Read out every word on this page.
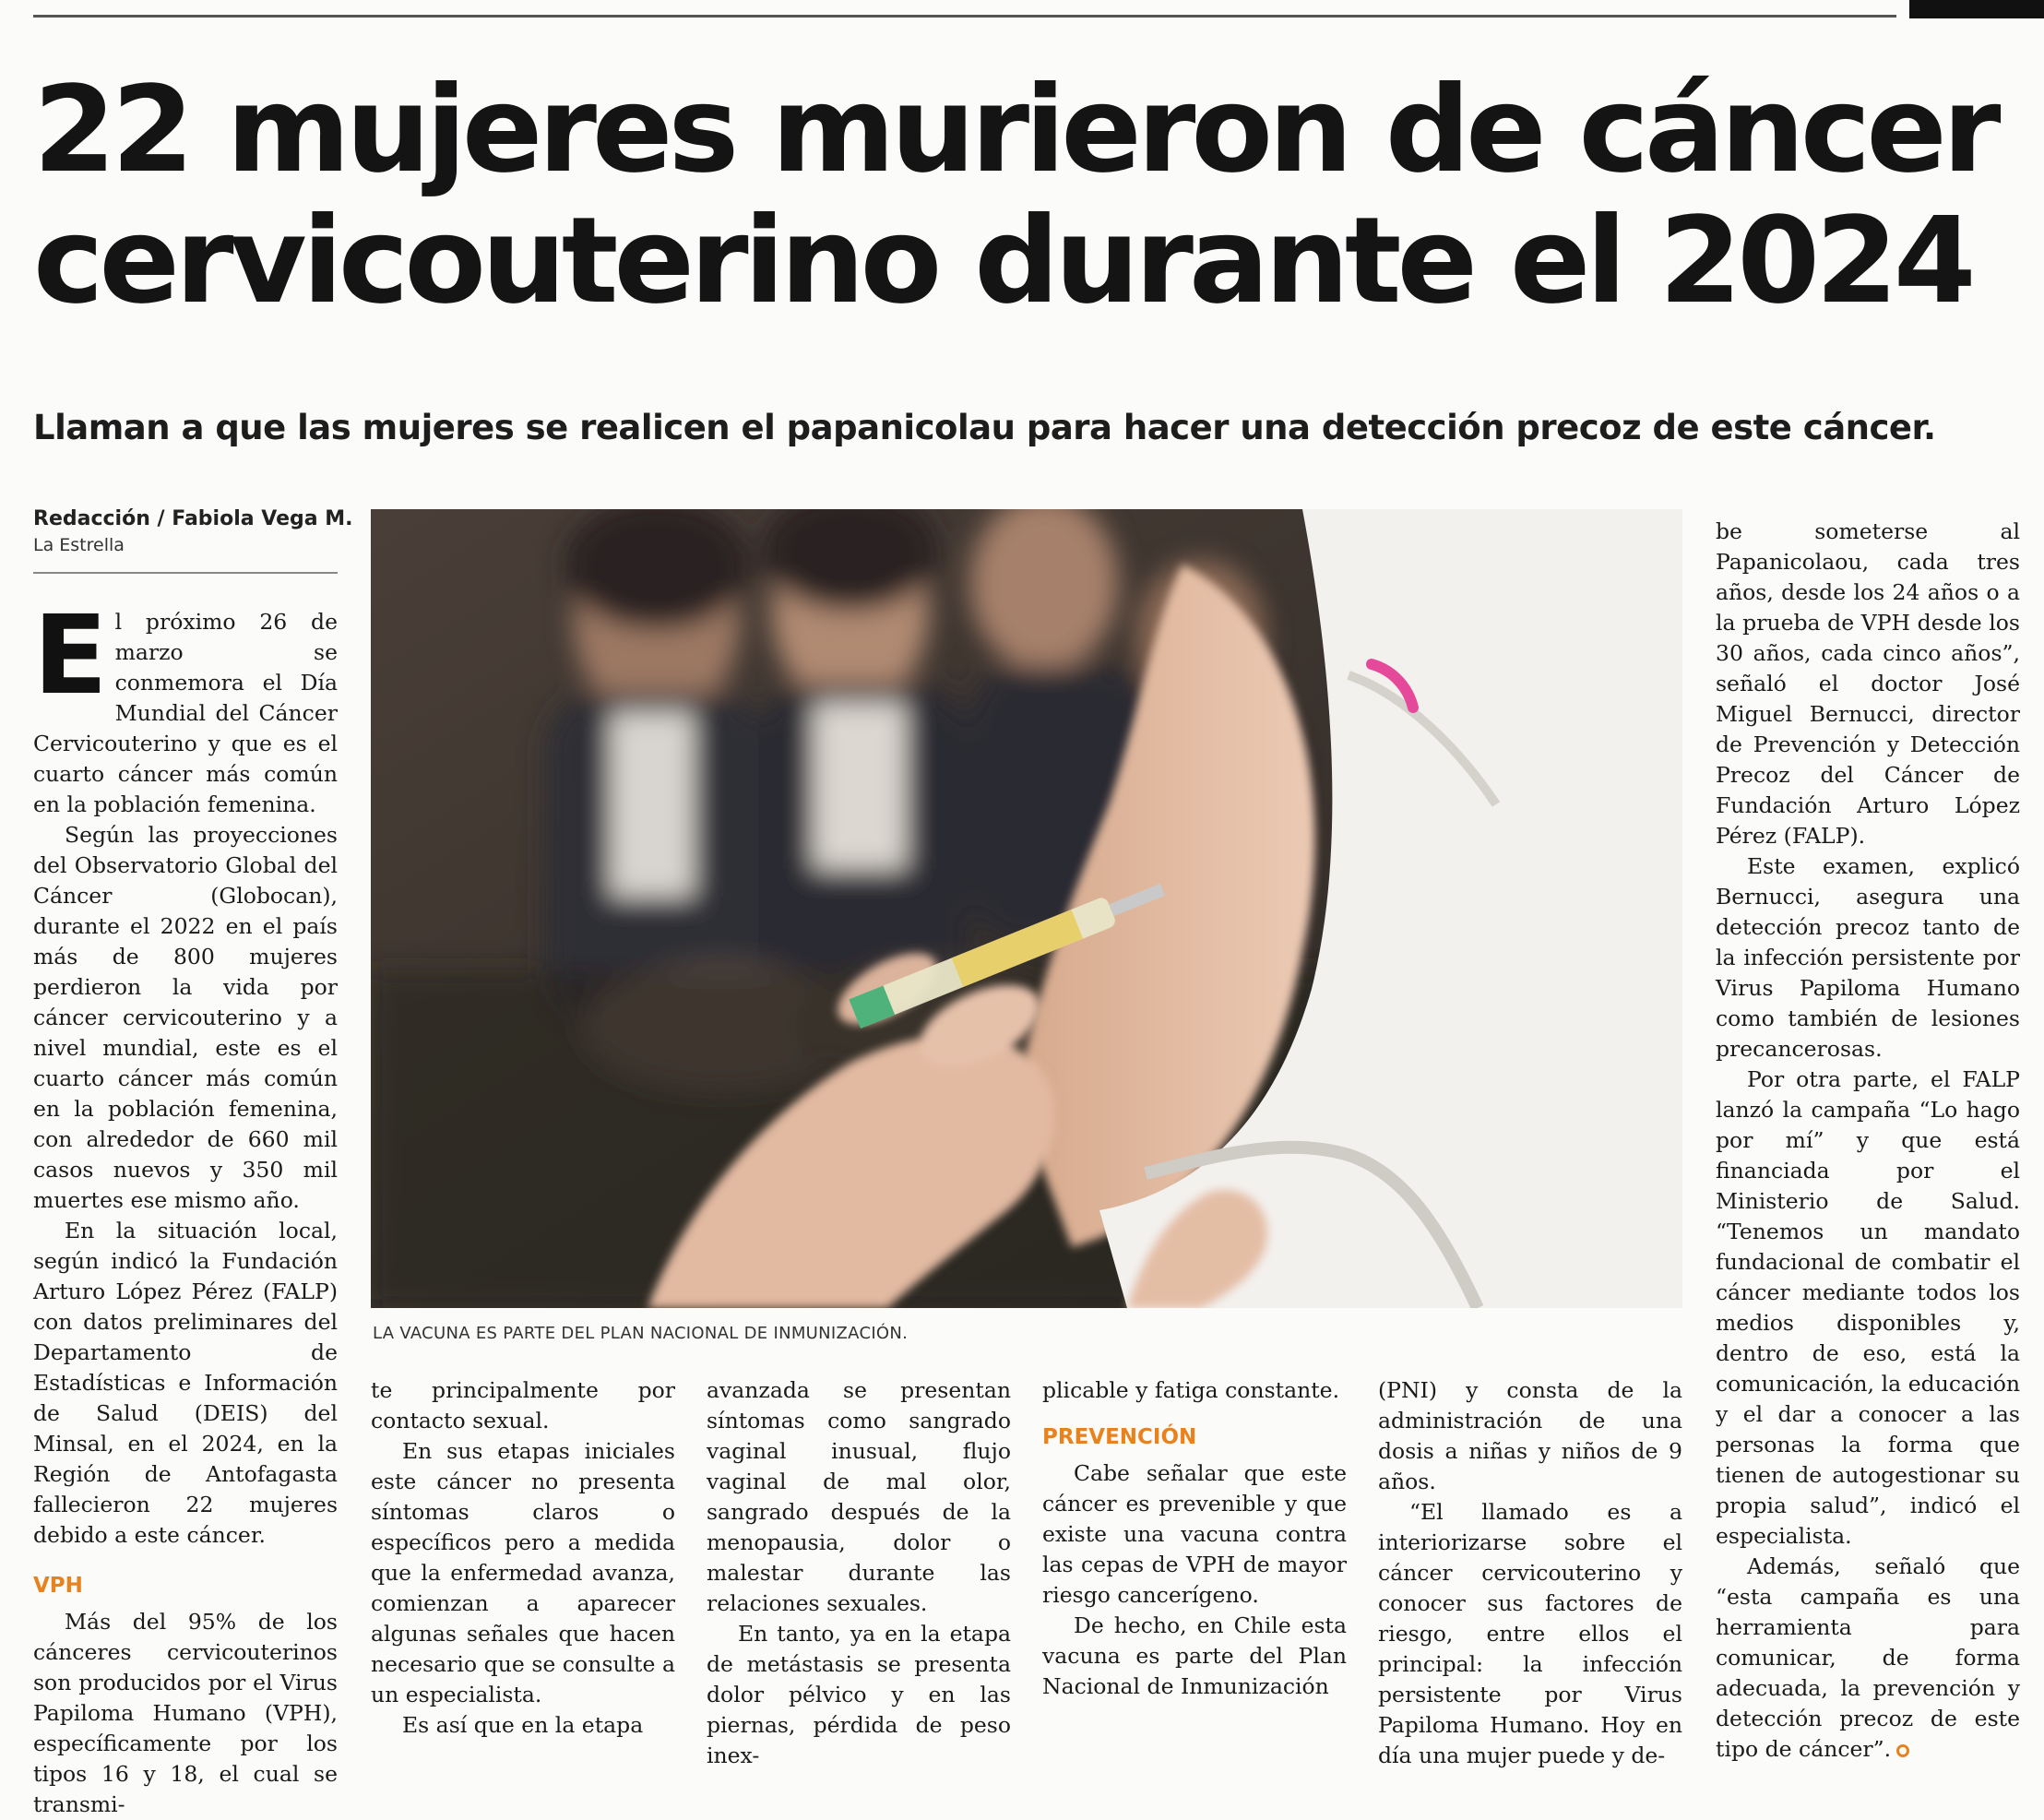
22 mujeres murieron de cáncer cervicouterino durante el 2024
Llaman a que las mujeres se realicen el papanicolau para hacer una detección precoz de este cáncer.
Redacción / Fabiola Vega M.
La Estrella

El próximo 26 de marzo se conmemora el Día Mundial del Cáncer Cervicouterino y que es el cuarto cáncer más común en la población femenina.

Según las proyecciones del Observatorio Global del Cáncer (Globocan), durante el 2022 en el país más de 800 mujeres perdieron la vida por cáncer cervicouterino y a nivel mundial, este es el cuarto cáncer más común en la población femenina, con alrededor de 660 mil casos nuevos y 350 mil muertes ese mismo año.

En la situación local, según indicó la Fundación Arturo López Pérez (FALP) con datos preliminares del Departamento de Estadísticas e Información de Salud (DEIS) del Minsal, en el 2024, en la Región de Antofagasta fallecieron 22 mujeres debido a este cáncer.

VPH

Más del 95% de los cánceres cervicouterinos son producidos por el Virus Papiloma Humano (VPH), específicamente por los tipos 16 y 18, el cual se transmi-

LA VACUNA ES PARTE DEL PLAN NACIONAL DE INMUNIZACIÓN.

te principalmente por contacto sexual.

En sus etapas iniciales este cáncer no presenta síntomas claros o específicos pero a medida que la enfermedad avanza, comienzan a aparecer algunas señales que hacen necesario que se consulte a un especialista.

Es así que en la etapa

avanzada se presentan síntomas como sangrado vaginal inusual, flujo vaginal de mal olor, sangrado después de la menopausia, dolor o malestar durante las relaciones sexuales.

En tanto, ya en la etapa de metástasis se presenta dolor pélvico y en las piernas, pérdida de peso inex-

plicable y fatiga constante.

PREVENCIÓN

Cabe señalar que este cáncer es prevenible y que existe una vacuna contra las cepas de VPH de mayor riesgo cancerígeno.

De hecho, en Chile esta vacuna es parte del Plan Nacional de Inmunización

(PNI) y consta de la administración de una dosis a niñas y niños de 9 años.

“El llamado es a interiorizarse sobre el cáncer cervicouterino y conocer sus factores de riesgo, entre ellos el principal: la infección persistente por Virus Papiloma Humano. Hoy en día una mujer puede y de-

be someterse al Papanicolaou, cada tres años, desde los 24 años o a la prueba de VPH desde los 30 años, cada cinco años”, señaló el doctor José Miguel Bernucci, director de Prevención y Detección Precoz del Cáncer de Fundación Arturo López Pérez (FALP).

Este examen, explicó Bernucci, asegura una detección precoz tanto de la infección persistente por Virus Papiloma Humano como también de lesiones precancerosas.

Por otra parte, el FALP lanzó la campaña “Lo hago por mí” y que está financiada por el Ministerio de Salud. “Tenemos un mandato fundacional de combatir el cáncer mediante todos los medios disponibles y, dentro de eso, está la comunicación, la educación y el dar a conocer a las personas la forma que tienen de autogestionar su propia salud”, indicó el especialista.

Además, señaló que “esta campaña es una herramienta para comunicar, de forma adecuada, la prevención y detección precoz de este tipo de cáncer”.
